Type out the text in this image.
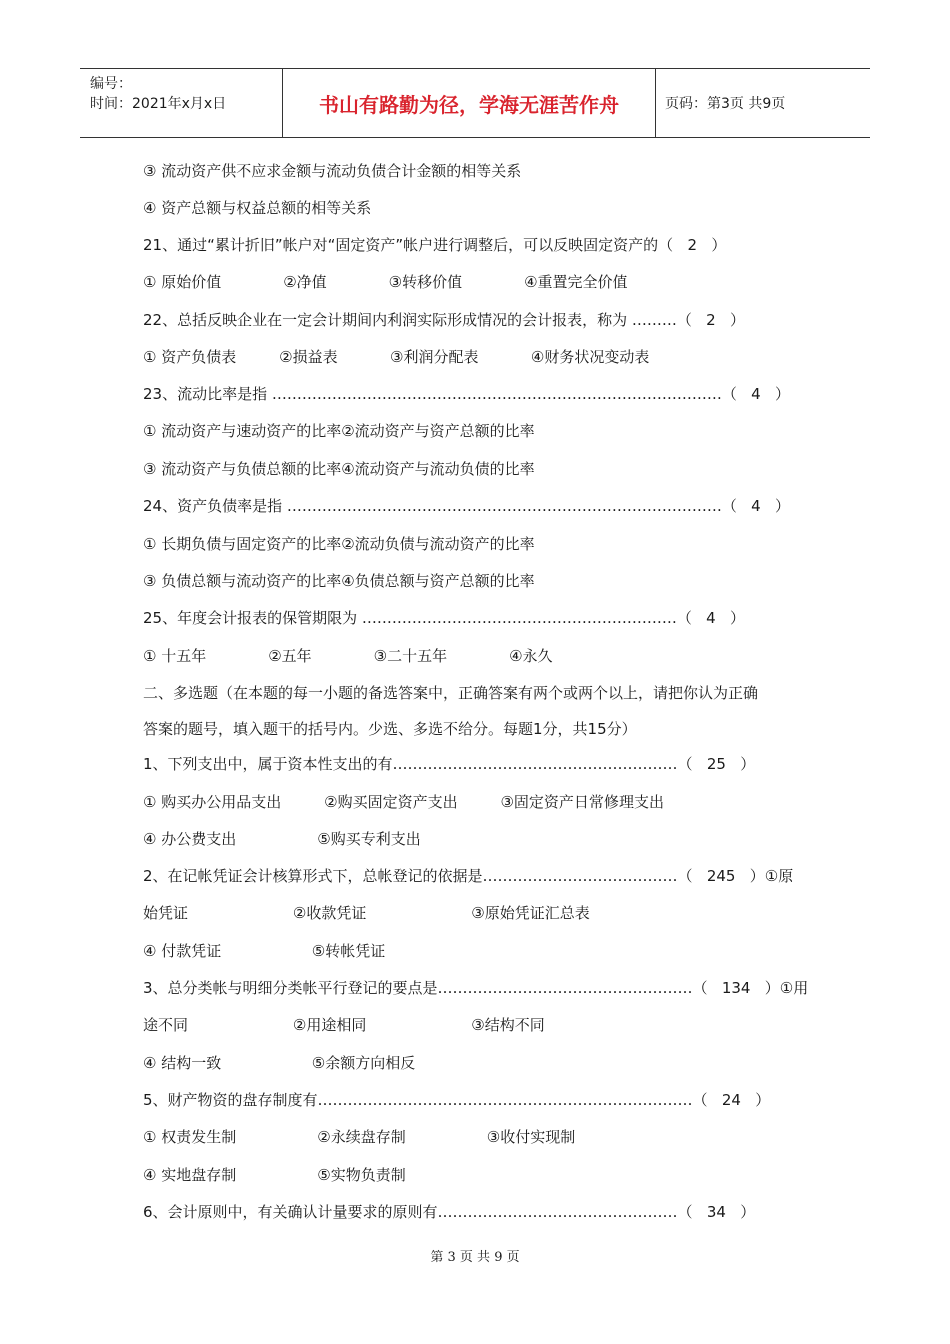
编号：
时间：2021年x月x日	书山有路勤为径，学海无涯苦作舟	页码：第3页 共9页
③ 流动资产供不应求金额与流动负债合计金额的相等关系
④ 资产总额与权益总额的相等关系
21、通过“累计折旧”帐户对“固定资产”帐户进行调整后，可以反映固定资产的（   2   ）
① 原始价值             ②净值             ③转移价值             ④重置完全价值
22、总括反映企业在一定会计期间内利润实际形成情况的会计报表，称为 ………（   2   ）
① 资产负债表         ②损益表           ③利润分配表           ④财务状况变动表
23、流动比率是指 ………………………………………………………………………………（   4   ）
① 流动资产与速动资产的比率②流动资产与资产总额的比率
③ 流动资产与负债总额的比率④流动资产与流动负债的比率
24、资产负债率是指 ……………………………………………………………………………（   4   ）
① 长期负债与固定资产的比率②流动负债与流动资产的比率
③ 负债总额与流动资产的比率④负债总额与资产总额的比率
25、年度会计报表的保管期限为 ………………………………………………………（   4   ）
① 十五年             ②五年             ③二十五年             ④永久
二、多选题（在本题的每一小题的备选答案中，正确答案有两个或两个以上，请把你认为正确
答案的题号，填入题干的括号内。少选、多选不给分。每题1分，共15分）
1、下列支出中，属于资本性支出的有…………………………………………………（   25   ）
① 购买办公用品支出         ②购买固定资产支出         ③固定资产日常修理支出
④ 办公费支出                 ⑤购买专利支出
2、在记帐凭证会计核算形式下，总帐登记的依据是…………………………………（   245   ）①原
始凭证                      ②收款凭证                      ③原始凭证汇总表
④ 付款凭证                   ⑤转帐凭证
3、总分类帐与明细分类帐平行登记的要点是……………………………………………（   134   ）①用
途不同                      ②用途相同                      ③结构不同
④ 结构一致                   ⑤余额方向相反
5、财产物资的盘存制度有…………………………………………………………………（   24   ）
① 权责发生制                 ②永续盘存制                 ③收付实现制
④ 实地盘存制                 ⑤实物负责制
6、会计原则中，有关确认计量要求的原则有…………………………………………（   34   ）
第 3 页 共 9 页
